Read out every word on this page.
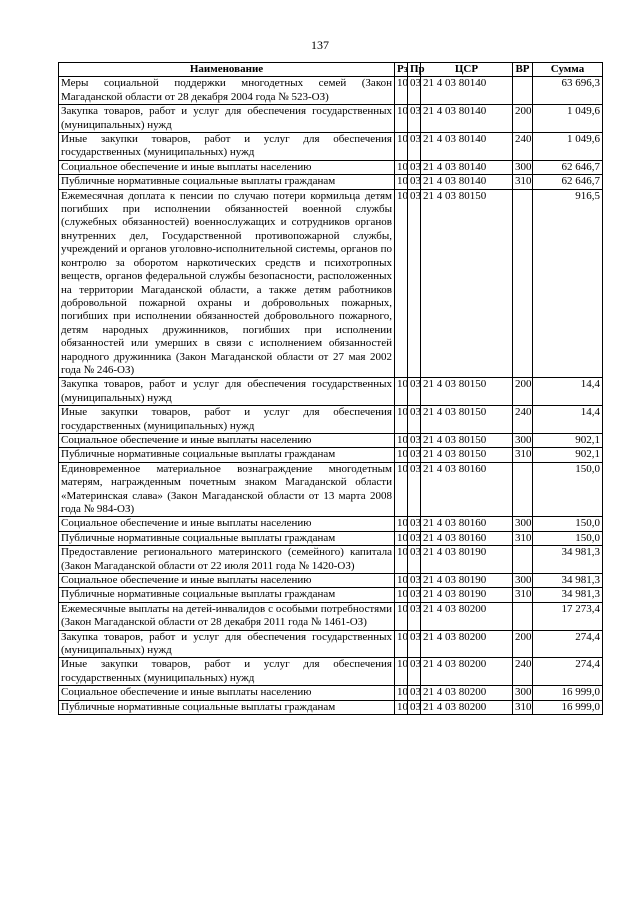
137
Наименование	Рз	Пр	ЦСР	ВР	Сумма
Меры социальной поддержки многодетных семей (Закон Магаданской области от 28 декабря 2004 года № 523-ОЗ)	10	03	21 4 03 80140		63 696,3
Закупка товаров, работ и услуг для обеспечения государственных (муниципальных) нужд	10	03	21 4 03 80140	200	1 049,6
Иные закупки товаров, работ и услуг для обеспечения государственных (муниципальных) нужд	10	03	21 4 03 80140	240	1 049,6
Социальное обеспечение и иные выплаты населению	10	03	21 4 03 80140	300	62 646,7
Публичные нормативные социальные выплаты гражданам	10	03	21 4 03 80140	310	62 646,7
Ежемесячная доплата к пенсии по случаю потери кормильца детям погибших при исполнении обязанностей военной службы (служебных обязанностей) военнослужащих и сотрудников органов внутренних дел, Государственной противопожарной службы, учреждений и органов уголовно-исполнительной системы, органов по контролю за оборотом наркотических средств и психотропных веществ, органов федеральной службы безопасности, расположенных на территории Магаданской области, а также детям работников добровольной пожарной охраны и добровольных пожарных, погибших при исполнении обязанностей добровольного пожарного, детям народных дружинников, погибших при исполнении обязанностей или умерших в связи с исполнением обязанностей народного дружинника (Закон Магаданской области от 27 мая 2002 года № 246-ОЗ)	10	03	21 4 03 80150		916,5
Закупка товаров, работ и услуг для обеспечения государственных (муниципальных) нужд	10	03	21 4 03 80150	200	14,4
Иные закупки товаров, работ и услуг для обеспечения государственных (муниципальных) нужд	10	03	21 4 03 80150	240	14,4
Социальное обеспечение и иные выплаты населению	10	03	21 4 03 80150	300	902,1
Публичные нормативные социальные выплаты гражданам	10	03	21 4 03 80150	310	902,1
Единовременное материальное вознаграждение многодетным матерям, награжденным почетным знаком Магаданской области «Материнская слава» (Закон Магаданской области от 13 марта 2008 года № 984-ОЗ)	10	03	21 4 03 80160		150,0
Социальное обеспечение и иные выплаты населению	10	03	21 4 03 80160	300	150,0
Публичные нормативные социальные выплаты гражданам	10	03	21 4 03 80160	310	150,0
Предоставление регионального материнского (семейного) капитала (Закон Магаданской области от 22 июля 2011 года № 1420-ОЗ)	10	03	21 4 03 80190		34 981,3
Социальное обеспечение и иные выплаты населению	10	03	21 4 03 80190	300	34 981,3
Публичные нормативные социальные выплаты гражданам	10	03	21 4 03 80190	310	34 981,3
Ежемесячные выплаты на детей-инвалидов с особыми потребностями (Закон Магаданской области от 28 декабря 2011 года № 1461-ОЗ)	10	03	21 4 03 80200		17 273,4
Закупка товаров, работ и услуг для обеспечения государственных (муниципальных) нужд	10	03	21 4 03 80200	200	274,4
Иные закупки товаров, работ и услуг для обеспечения государственных (муниципальных) нужд	10	03	21 4 03 80200	240	274,4
Социальное обеспечение и иные выплаты населению	10	03	21 4 03 80200	300	16 999,0
Публичные нормативные социальные выплаты гражданам	10	03	21 4 03 80200	310	16 999,0
